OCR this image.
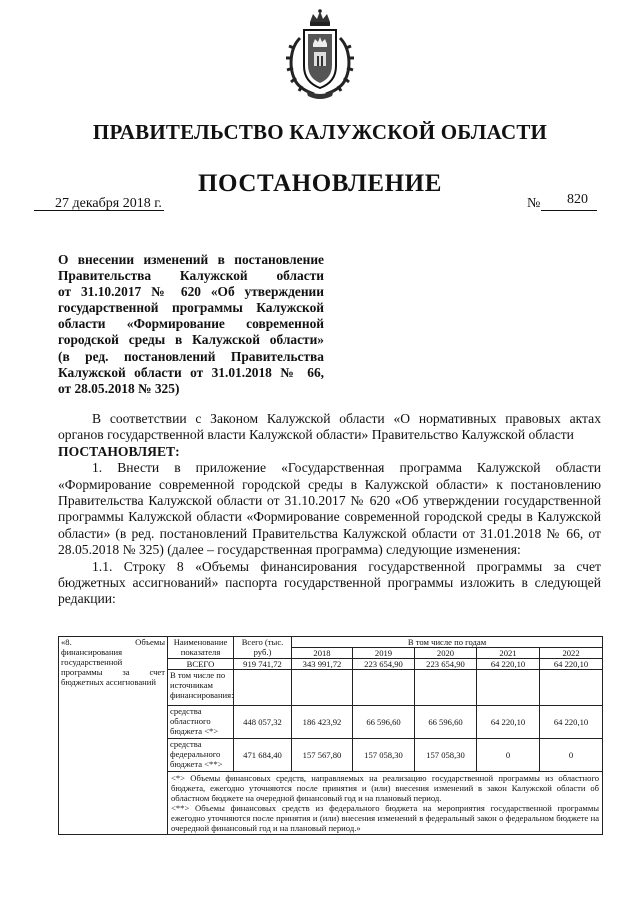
ПРАВИТЕЛЬСТВО КАЛУЖСКОЙ ОБЛАСТИ
ПОСТАНОВЛЕНИЕ
27 декабря 2018 г.	№ 820
О внесении изменений в постановление
Правительства Калужской области
от 31.10.2017 № 620 «Об утверждении
государственной программы Калужской
области «Формирование современной
городской среды в Калужской области»
(в ред. постановлений Правительства
Калужской области от 31.01.2018 № 66,
от 28.05.2018 № 325)

В соответствии с Законом Калужской области «О нормативных правовых актах органов государственной власти Калужской области» Правительство Калужской области

ПОСТАНОВЛЯЕТ:

1. Внести в приложение «Государственная программа Калужской области «Формирование современной городской среды в Калужской области» к постановлению Правительства Калужской области от 31.10.2017 № 620 «Об утверждении государственной программы Калужской области «Формирование современной городской среды в Калужской области» (в ред. постановлений Правительства Калужской области от 31.01.2018 № 66, от 28.05.2018 № 325) (далее – государственная программа) следующие изменения:

1.1. Строку 8 «Объемы финансирования государственной программы за счет бюджетных ассигнований» паспорта государственной программы изложить в следующей редакции:

«8. Объемы финансирования государственной программы за счет бюджетных ассигнований	Наименование показателя	Всего (тыс. руб.)	В том числе по годам				
			2018	2019	2020	2021	2022
	ВСЕГО	919 741,72	343 991,72	223 654,90	223 654,90	64 220,10	64 220,10
	В том числе по источникам финансирования:						
	средства областного бюджета <*>	448 057,32	186 423,92	66 596,60	66 596,60	64 220,10	64 220,10
	средства федерального бюджета <**>	471 684,40	157 567,80	157 058,30	157 058,30	0	0

	<*> Объемы финансовых средств, направляемых на реализацию государственной программы из областного бюджета, ежегодно уточняются после принятия и (или) внесения изменений в закон Калужской области об областном бюджете на очередной финансовый год и на плановый период.
<**> Объемы финансовых средств из федерального бюджета на мероприятия государственной программы ежегодно уточняются после принятия и (или) внесения изменений в федеральный закон о федеральном бюджете на очередной финансовый год и на плановый период.»						
